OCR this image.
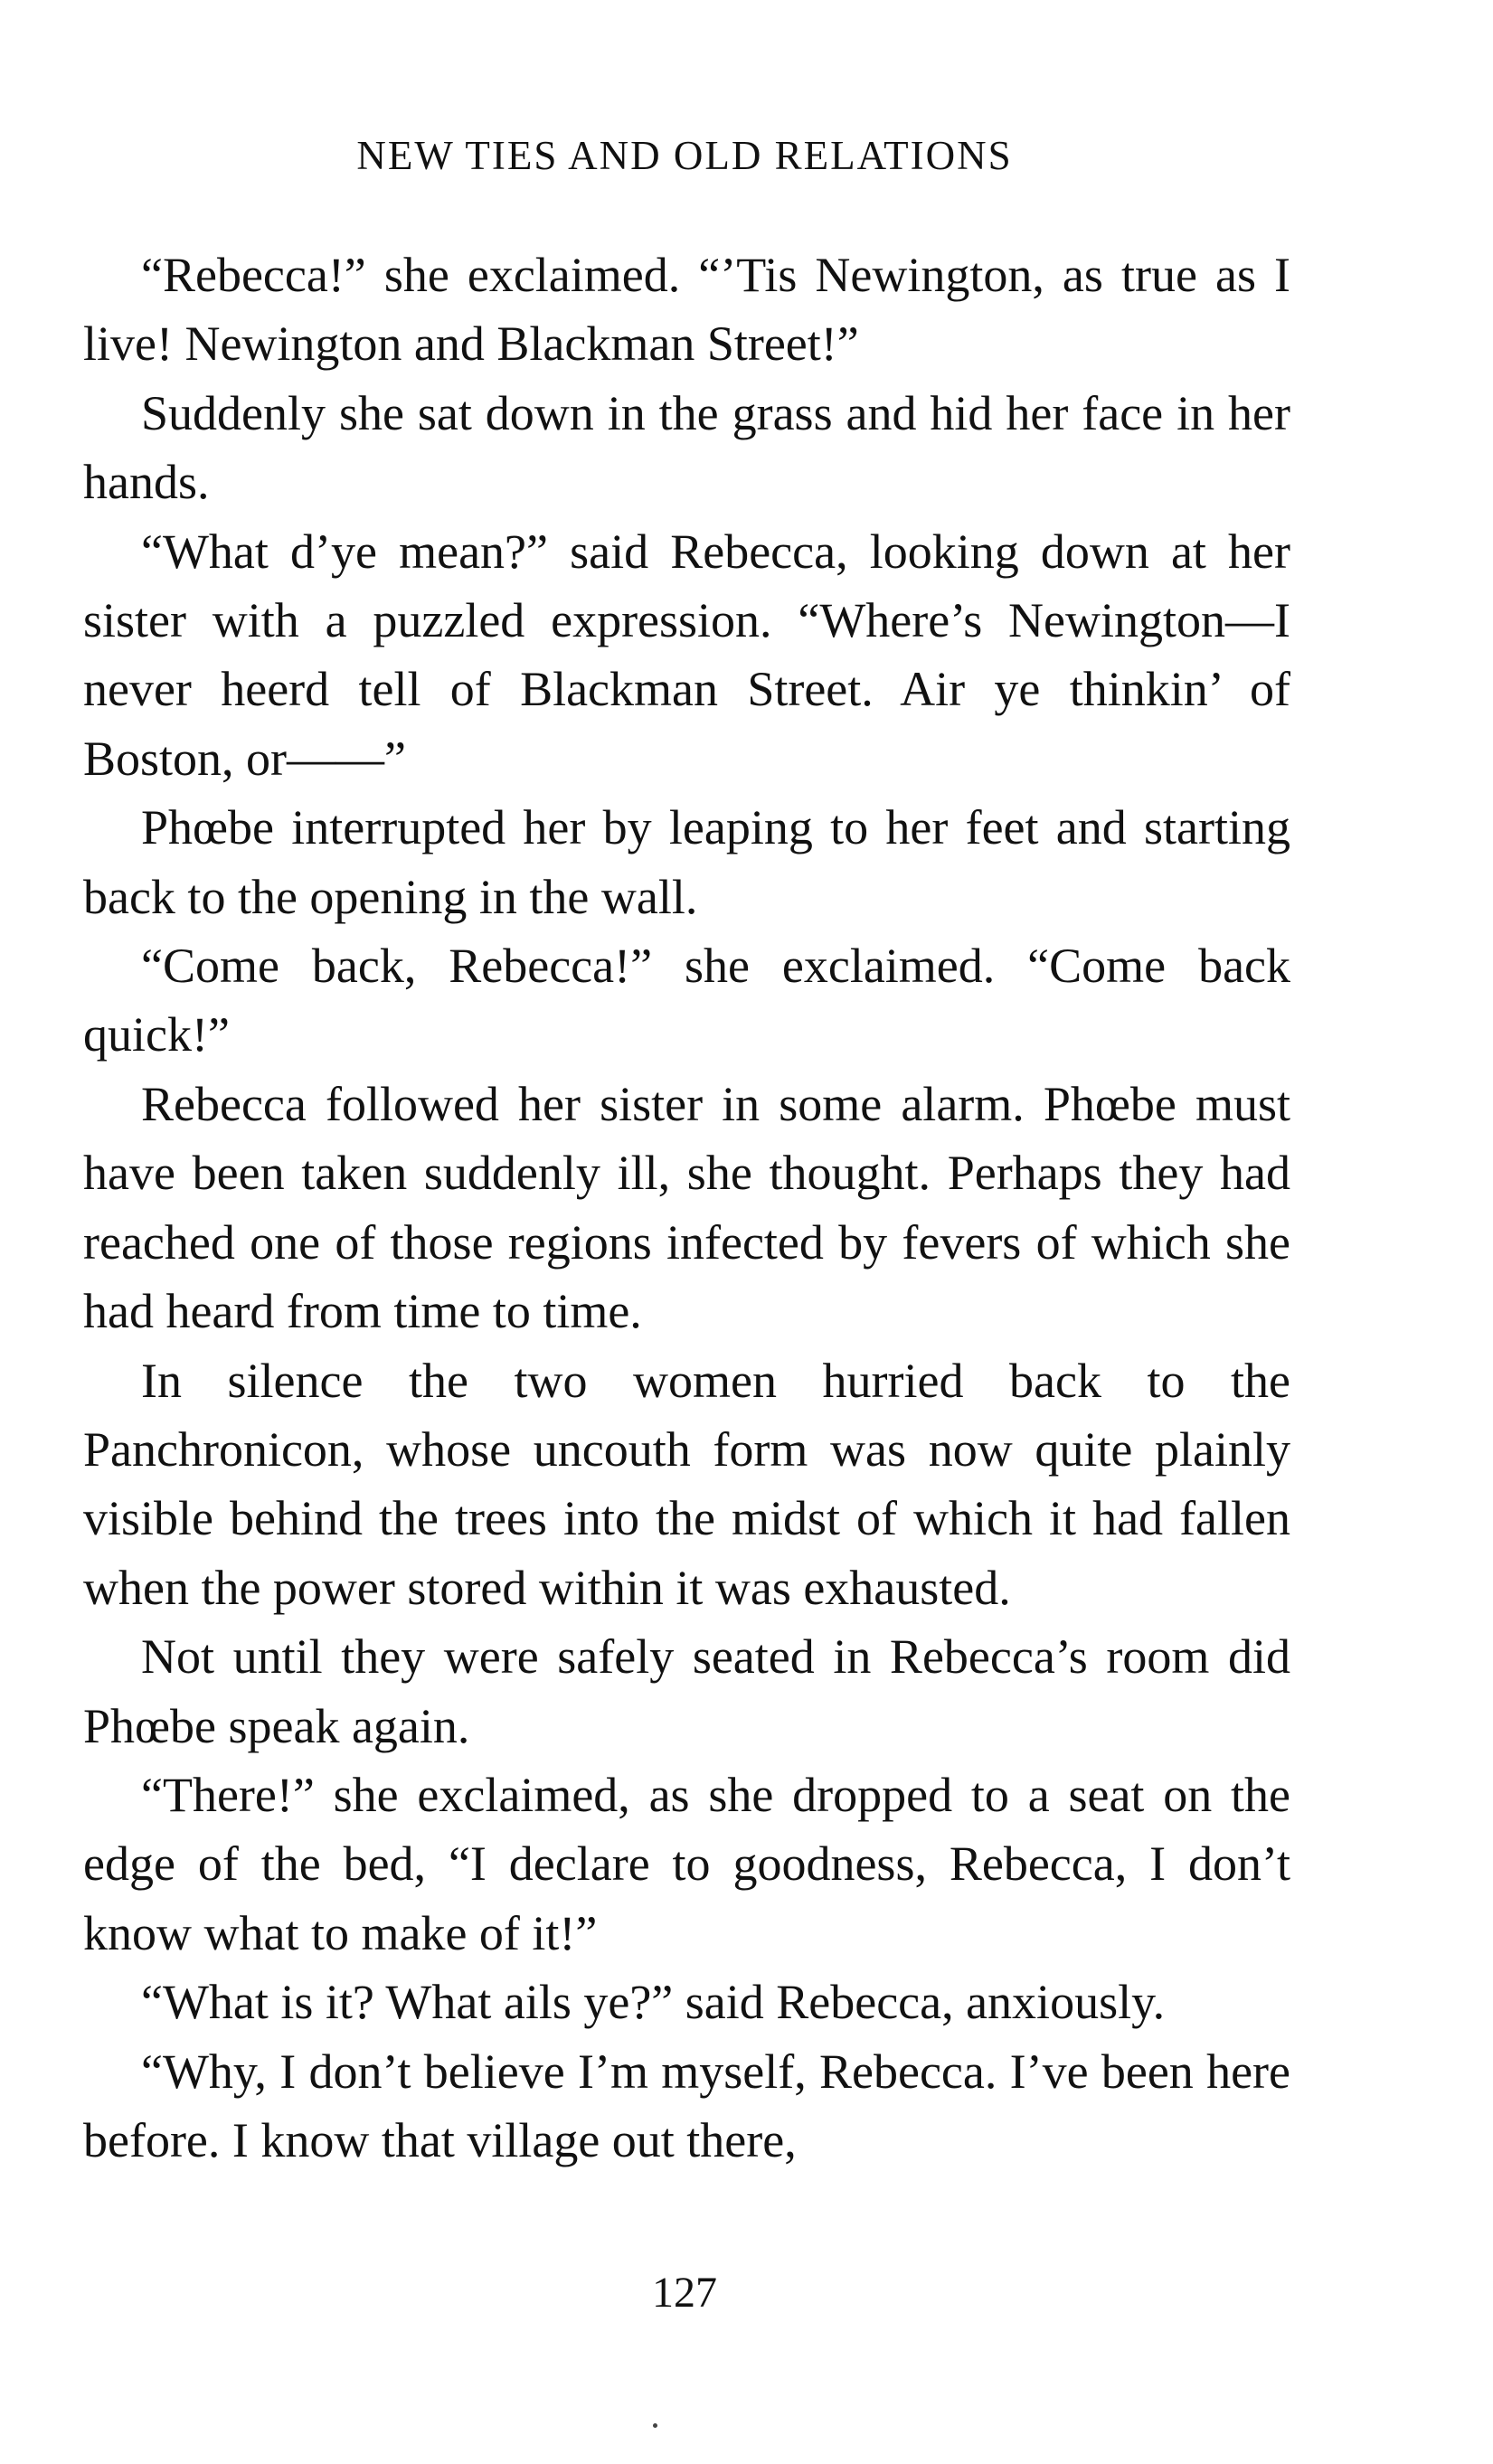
NEW TIES AND OLD RELATIONS

“Rebecca!” she exclaimed. “’Tis Newington, as true as I live! Newington and Blackman Street!”

Suddenly she sat down in the grass and hid her face in her hands.

“What d’ye mean?” said Rebecca, looking down at her sister with a puzzled expression. “Where’s Newington—I never heerd tell of Blackman Street. Air ye thinkin’ of Boston, or——”

Phœbe interrupted her by leaping to her feet and starting back to the opening in the wall.

“Come back, Rebecca!” she exclaimed. “Come back quick!”

Rebecca followed her sister in some alarm. Phœbe must have been taken suddenly ill, she thought. Perhaps they had reached one of those regions infected by fevers of which she had heard from time to time.

In silence the two women hurried back to the Panchronicon, whose uncouth form was now quite plainly visible behind the trees into the midst of which it had fallen when the power stored within it was exhausted.

Not until they were safely seated in Rebecca’s room did Phœbe speak again.

“There!” she exclaimed, as she dropped to a seat on the edge of the bed, “I declare to goodness, Rebecca, I don’t know what to make of it!”

“What is it? What ails ye?” said Rebecca, anxiously.

“Why, I don’t believe I’m myself, Rebecca. I’ve been here before. I know that village out there,

127
